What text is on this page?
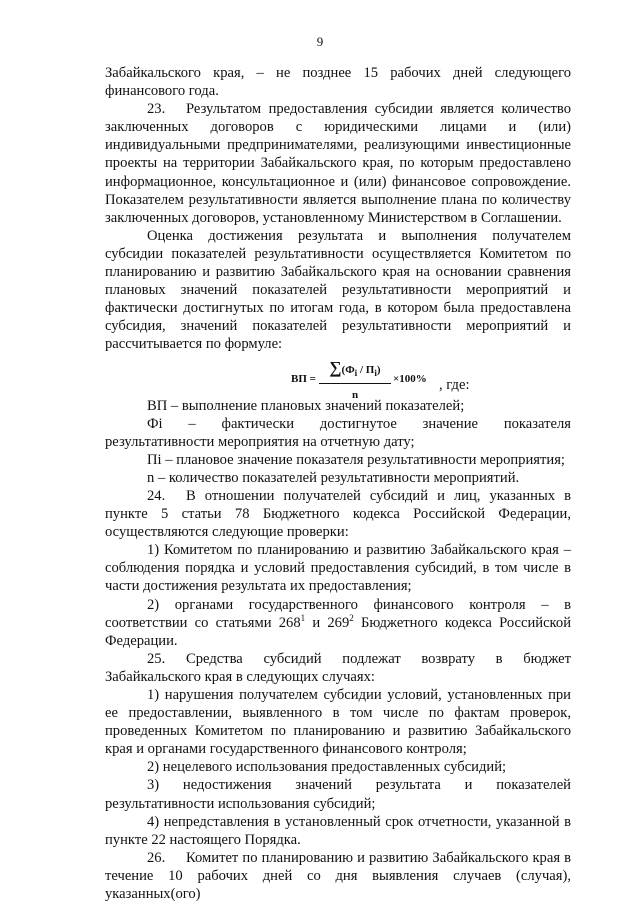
9

Забайкальского края, – не позднее 15 рабочих дней следующего финансового года.

23. Результатом предоставления субсидии является количество заключенных договоров с юридическими лицами и (или) индивидуальными предпринимателями, реализующими инвестиционные проекты на территории Забайкальского края, по которым предоставлено информационное, консультационное и (или) финансовое сопровождение. Показателем результативности является выполнение плана по количеству заключенных договоров, установленному Министерством в Соглашении.

Оценка достижения результата и выполнения получателем субсидии показателей результативности осуществляется Комитетом по планированию и развитию Забайкальского края на основании сравнения плановых значений показателей результативности мероприятий и фактически достигнутых по итогам года, в котором была предоставлена субсидия, значений показателей результативности мероприятий и рассчитывается по формуле:

ВП =
$\sum(Ф_i / П_i)$
n
×100% , где:

ВП – выполнение плановых значений показателей;

Фi – фактически достигнутое значение показателя результативности мероприятия на отчетную дату;

Пi – плановое значение показателя результативности мероприятия;

n – количество показателей результативности мероприятий.

24. В отношении получателей субсидий и лиц, указанных в пункте 5 статьи 78 Бюджетного кодекса Российской Федерации, осуществляются следующие проверки:

1) Комитетом по планированию и развитию Забайкальского края – соблюдения порядка и условий предоставления субсидий, в том числе в части достижения результата их предоставления;

2) органами государственного финансового контроля – в соответствии со статьями $268^1$ и $269^2$ Бюджетного кодекса Российской Федерации.

25. Средства субсидий подлежат возврату в бюджет Забайкальского края в следующих случаях:

1) нарушения получателем субсидии условий, установленных при ее предоставлении, выявленного в том числе по фактам проверок, проведенных Комитетом по планированию и развитию Забайкальского края и органами государственного финансового контроля;

2) нецелевого использования предоставленных субсидий;

3) недостижения значений результата и показателей результативности использования субсидий;

4) непредставления в установленный срок отчетности, указанной в пункте 22 настоящего Порядка.

26. Комитет по планированию и развитию Забайкальского края в течение 10 рабочих дней со дня выявления случаев (случая), указанных(ого)
